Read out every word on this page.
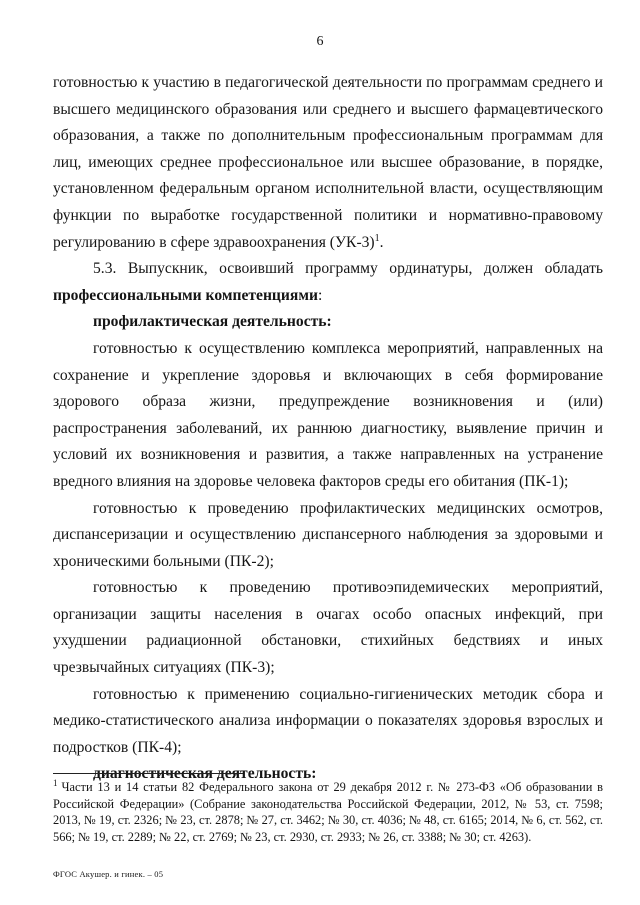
6

готовностью к участию в педагогической деятельности по программам среднего и высшего медицинского образования или среднего и высшего фармацевтического образования, а также по дополнительным профессиональным программам для лиц, имеющих среднее профессиональное или высшее образование, в порядке, установленном федеральным органом исполнительной власти, осуществляющим функции по выработке государственной политики и нормативно-правовому регулированию в сфере здравоохранения $(УК-3)^1$.

5.3. Выпускник, освоивший программу ординатуры, должен обладать профессиональными компетенциями:

профилактическая деятельность:

готовностью к осуществлению комплекса мероприятий, направленных на сохранение и укрепление здоровья и включающих в себя формирование здорового образа жизни, предупреждение возникновения и (или) распространения заболеваний, их раннюю диагностику, выявление причин и условий их возникновения и развития, а также направленных на устранение вредного влияния на здоровье человека факторов среды его обитания (ПК-1);

готовностью к проведению профилактических медицинских осмотров, диспансеризации и осуществлению диспансерного наблюдения за здоровыми и хроническими больными (ПК-2);

готовностью к проведению противоэпидемических мероприятий, организации защиты населения в очагах особо опасных инфекций, при ухудшении радиационной обстановки, стихийных бедствиях и иных чрезвычайных ситуациях (ПК-3);

готовностью к применению социально-гигиенических методик сбора и медико-статистического анализа информации о показателях здоровья взрослых и подростков (ПК-4);

диагностическая деятельность:

$^1$ Части 13 и 14 статьи 82 Федерального закона от 29 декабря 2012 г. № 273-ФЗ «Об образовании в Российской Федерации» (Собрание законодательства Российской Федерации, 2012, № 53, ст. 7598; 2013, № 19, ст. 2326; № 23, ст. 2878; № 27, ст. 3462; № 30, ст. 4036; № 48, ст. 6165; 2014, № 6, ст. 562, ст. 566; № 19, ст. 2289; № 22, ст. 2769; № 23, ст. 2930, ст. 2933; № 26, ст. 3388; № 30; ст. 4263).
ФГОС Акушер. и гинек. – 05
